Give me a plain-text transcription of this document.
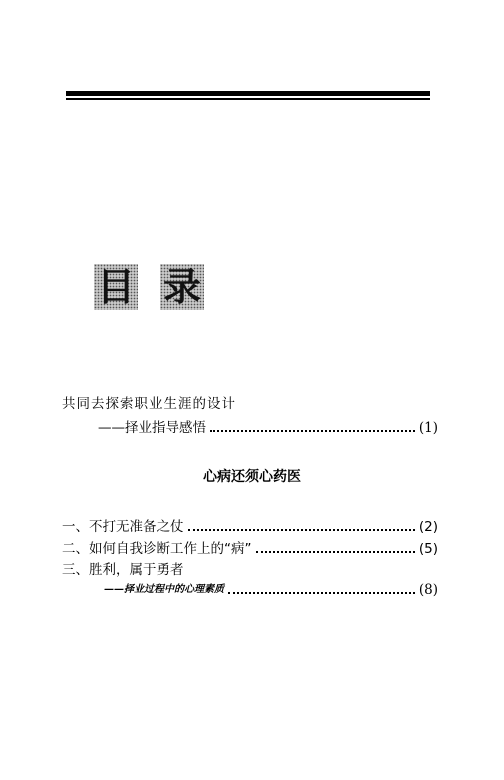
目 录
共同去探索职业生涯的设计
——择业指导感悟	(1)
心病还须心药医
一、不打无准备之仗	(2)
二、如何自我诊断工作上的“病”	(5)
三、胜利，属于勇者
——择业过程中的心理素质	(8)
